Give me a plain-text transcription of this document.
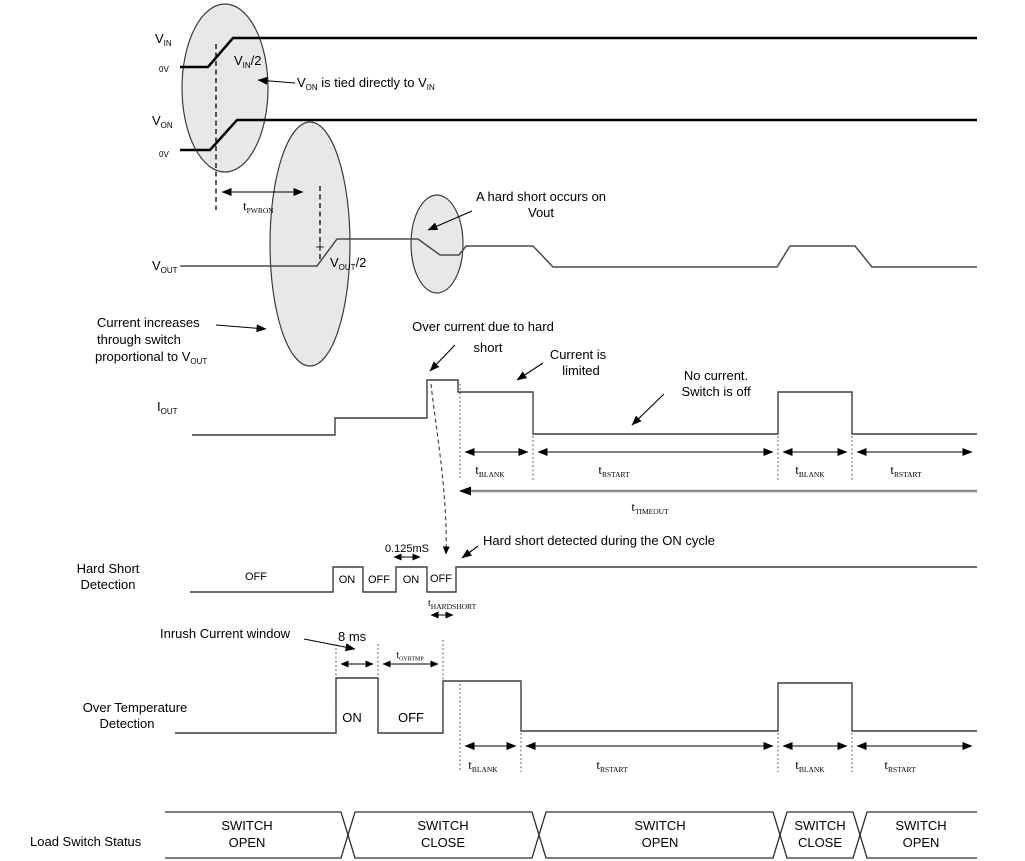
$V_{IN}$
0V
$V_{IN}/2$
$V_{ON}$
0V
$V_{ON}$ is tied directly to $V_{IN}$
$t_{PWRON}$
$V_{OUT}$
$V_{OUT}/2$
A hard short occurs on
Vout
Current increases
through switch
proportional to $V_{OUT}$
$I_{OUT}$
Over current due to hard
short	Current is
limited	No current.
Switch is off
$t_{BLANK}$	$t_{RSTART}$	$t_{BLANK}$	$t_{RSTART}$
$t_{TIMEOUT}$
Hard Short
Detection	OFF	ON OFF ON OFF
0.125mS
$t_{HARDSHORT}$
Hard short detected during the ON cycle
Inrush Current window	8 ms
$t_{OVRTMP}$
Over Temperature
Detection	ON	OFF
$t_{BLANK}$	$t_{RSTART}$	$t_{BLANK}$	$t_{RSTART}$
Load Switch Status
SWITCH
OPEN
SWITCH
CLOSE
SWITCH
OPEN
SWITCH
CLOSE
SWITCH
OPEN
